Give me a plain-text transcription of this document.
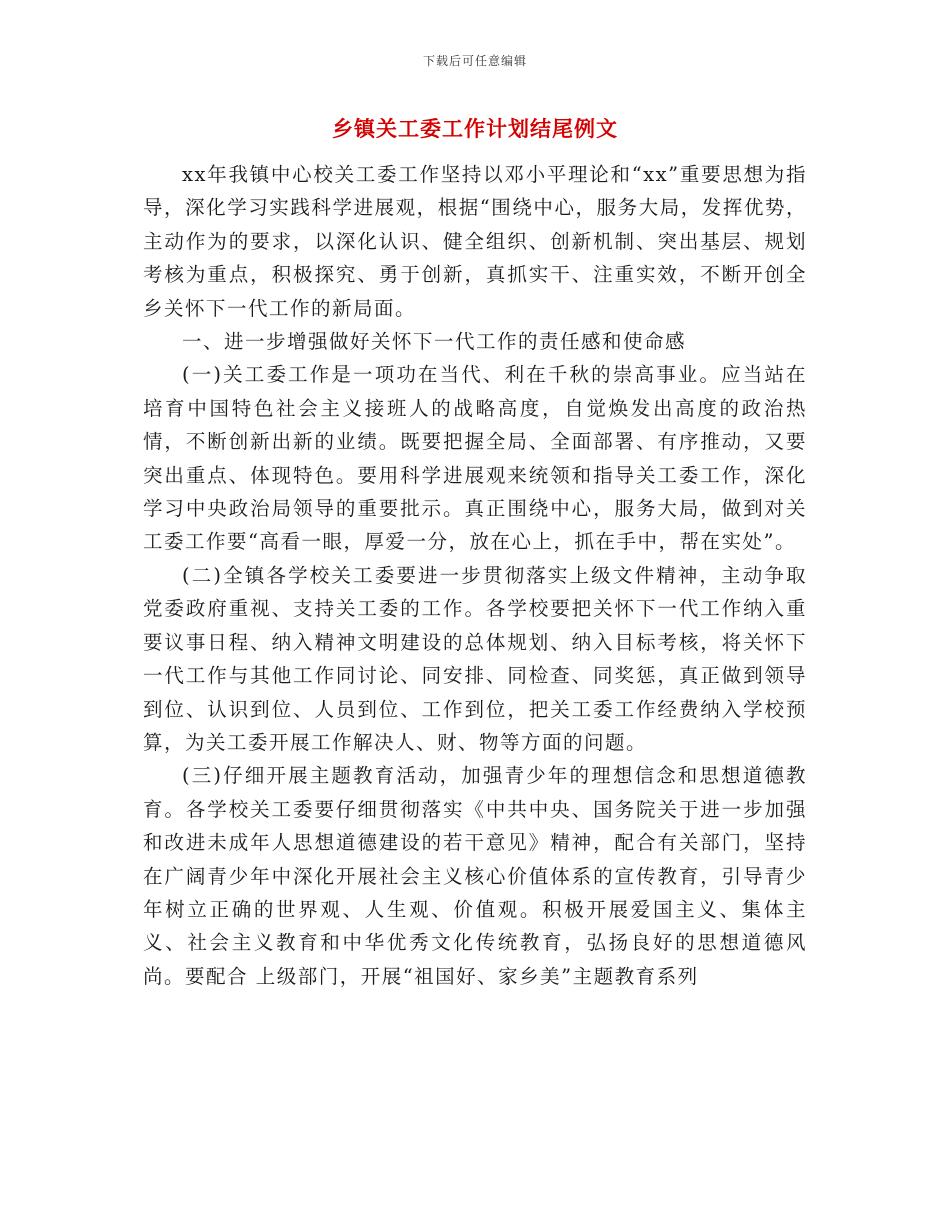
下载后可任意编辑
乡镇关工委工作计划结尾例文

xx年我镇中心校关工委工作坚持以邓小平理论和“xx”重要思想为指导，深化学习实践科学进展观，根据“围绕中心，服务大局，发挥优势，主动作为的要求，以深化认识、健全组织、创新机制、突出基层、规划考核为重点，积极探究、勇于创新，真抓实干、注重实效，不断开创全乡关怀下一代工作的新局面。

一、进一步增强做好关怀下一代工作的责任感和使命感

(一)关工委工作是一项功在当代、利在千秋的崇高事业。应当站在培育中国特色社会主义接班人的战略高度，自觉焕发出高度的政治热情，不断创新出新的业绩。既要把握全局、全面部署、有序推动，又要突出重点、体现特色。要用科学进展观来统领和指导关工委工作，深化学习中央政治局领导的重要批示。真正围绕中心，服务大局，做到对关工委工作要“高看一眼，厚爱一分，放在心上，抓在手中，帮在实处”。

(二)全镇各学校关工委要进一步贯彻落实上级文件精神，主动争取党委政府重视、支持关工委的工作。各学校要把关怀下一代工作纳入重要议事日程、纳入精神文明建设的总体规划、纳入目标考核，将关怀下一代工作与其他工作同讨论、同安排、同检查、同奖惩，真正做到领导到位、认识到位、人员到位、工作到位，把关工委工作经费纳入学校预算，为关工委开展工作解决人、财、物等方面的问题。

(三)仔细开展主题教育活动，加强青少年的理想信念和思想道德教育。各学校关工委要仔细贯彻落实《中共中央、国务院关于进一步加强和改进未成年人思想道德建设的若干意见》精神，配合有关部门，坚持在广阔青少年中深化开展社会主义核心价值体系的宣传教育，引导青少年树立正确的世界观、人生观、价值观。积极开展爱国主义、集体主义、社会主义教育和中华优秀文化传统教育，弘扬良好的思想道德风尚。要配合 上级部门，开展“祖国好、家乡美”主题教育系列
